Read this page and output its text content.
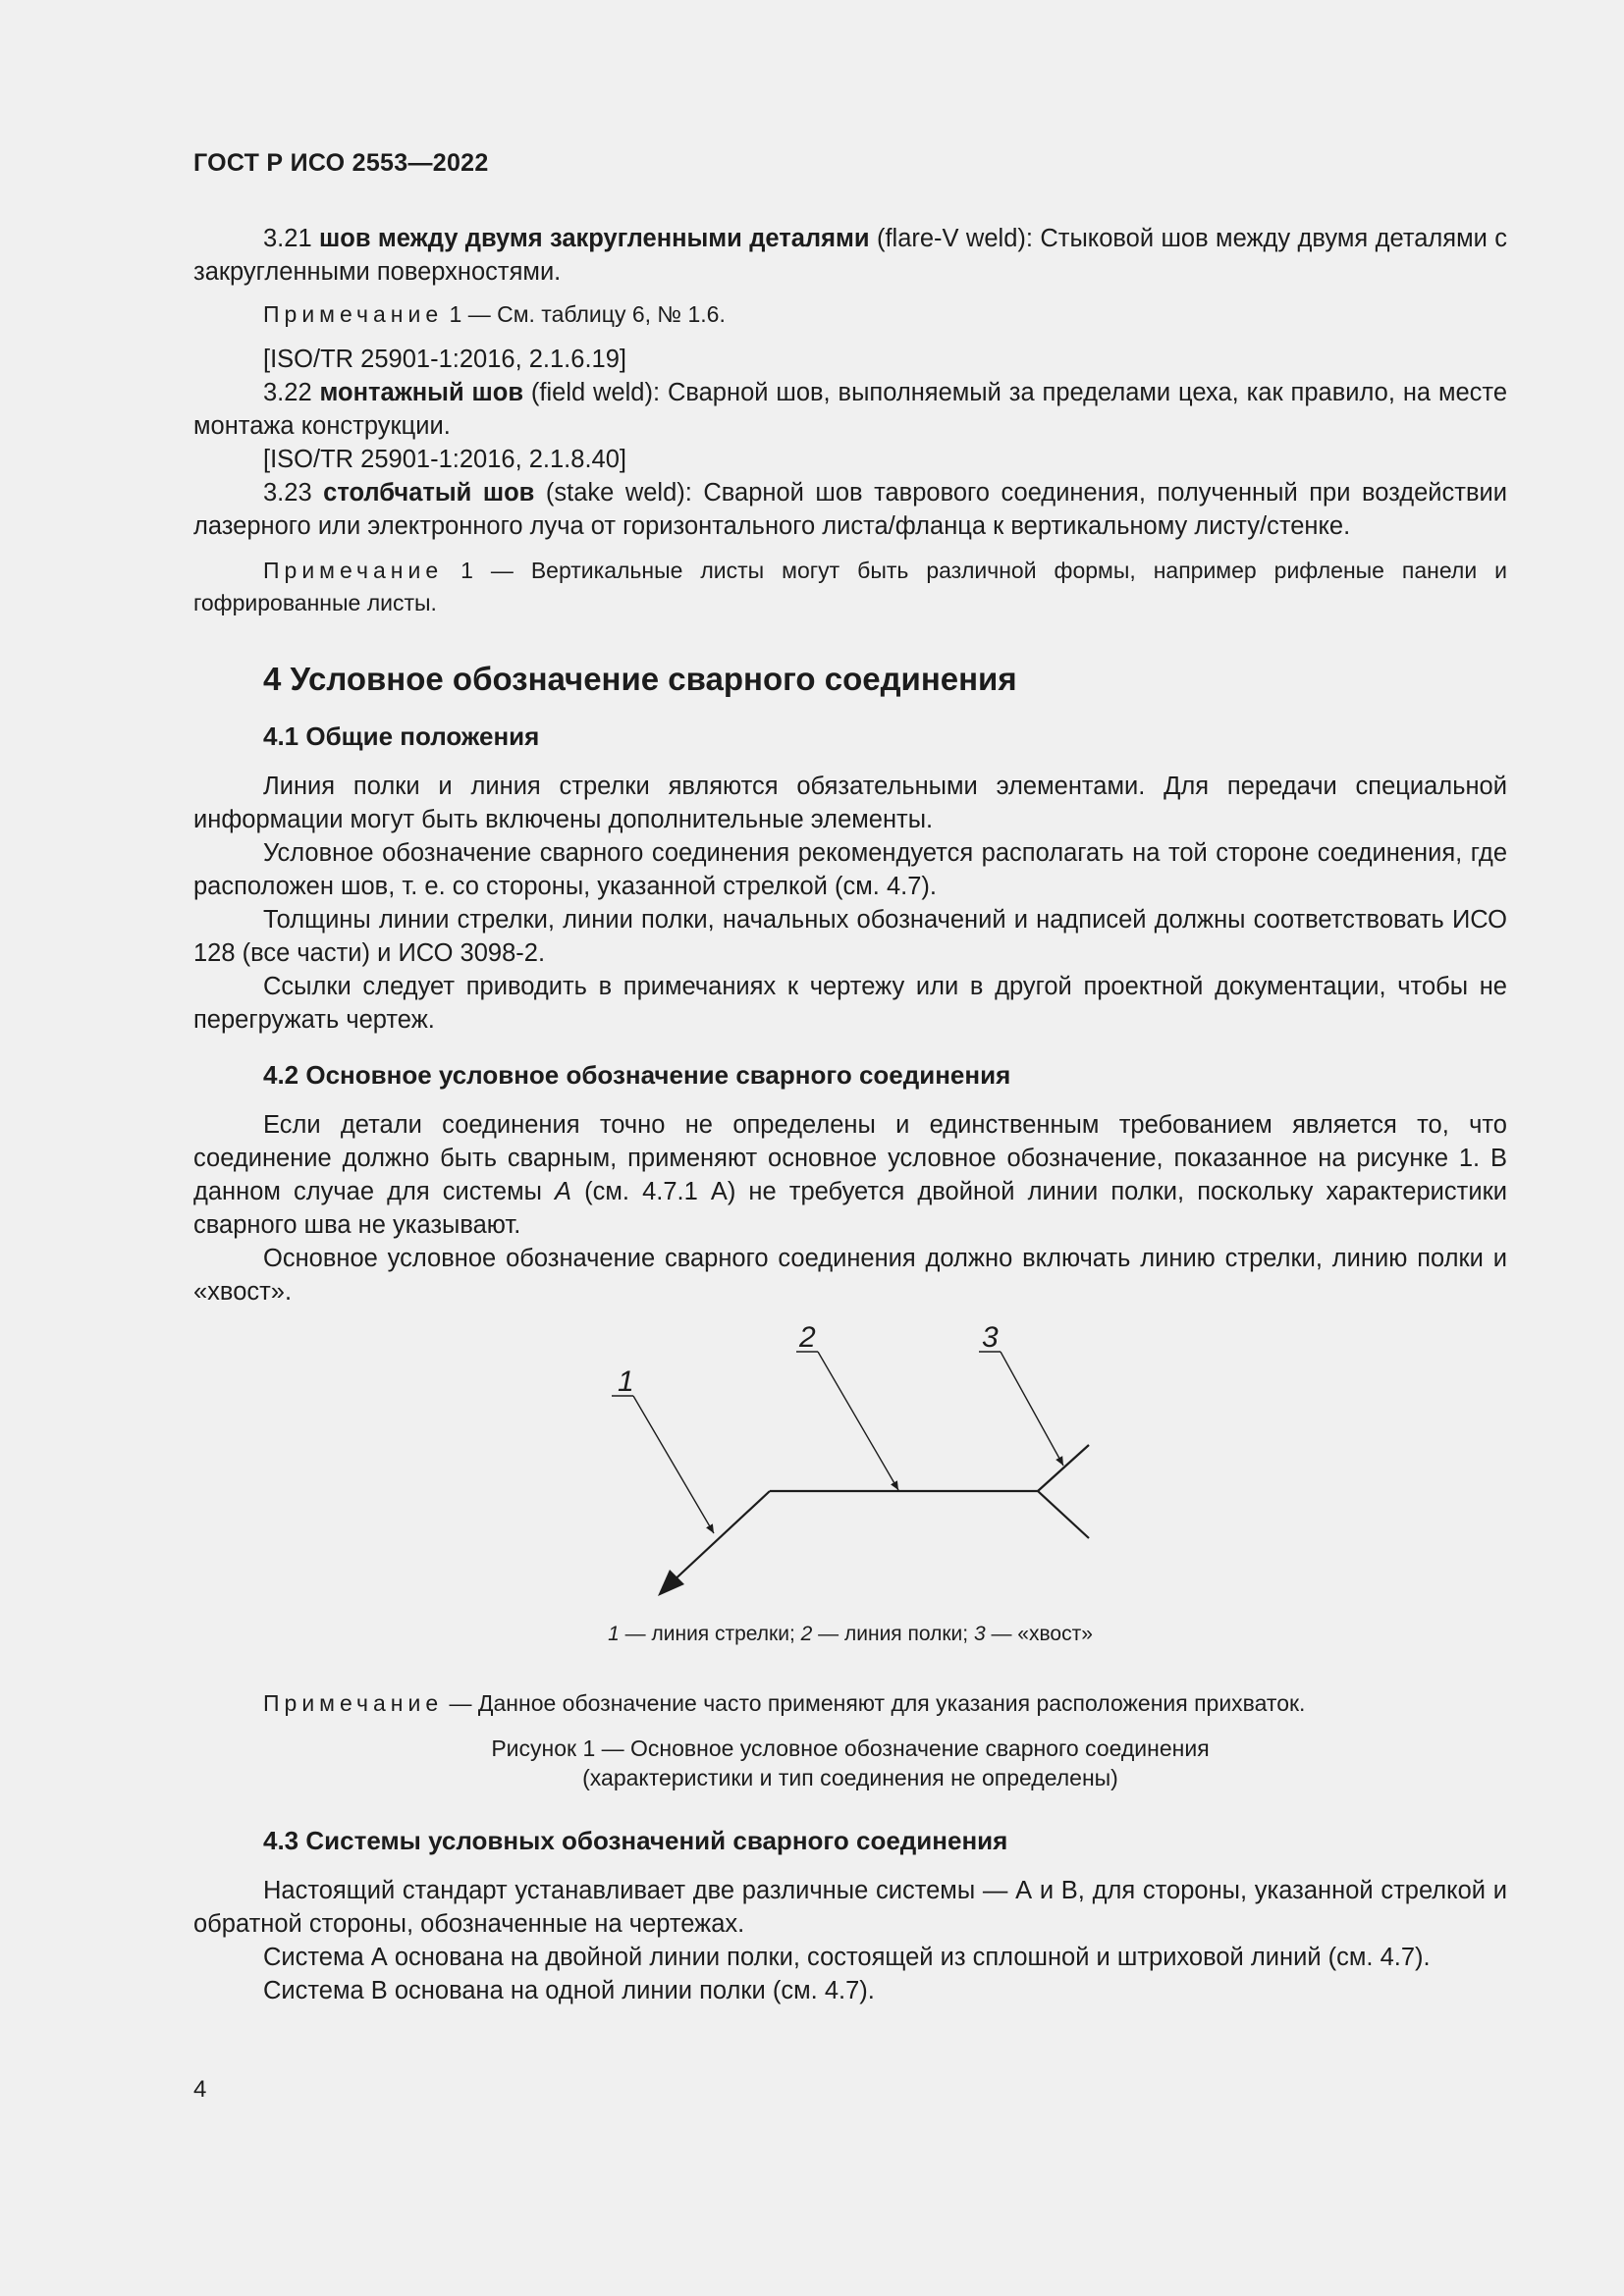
ГОСТ Р ИСО 2553—2022

3.21 шов между двумя закругленными деталями (flare-V weld): Стыковой шов между двумя деталями с закругленными поверхностями.

Примечание 1 — См. таблицу 6, № 1.6.

[ISO/TR 25901-1:2016, 2.1.6.19]

3.22 монтажный шов (field weld): Сварной шов, выполняемый за пределами цеха, как правило, на месте монтажа конструкции.

[ISO/TR 25901-1:2016, 2.1.8.40]

3.23 столбчатый шов (stake weld): Сварной шов таврового соединения, полученный при воздействии лазерного или электронного луча от горизонтального листа/фланца к вертикальному листу/стенке.

Примечание 1 — Вертикальные листы могут быть различной формы, например рифленые панели и гофрированные листы.

4 Условное обозначение сварного соединения
4.1 Общие положения

Линия полки и линия стрелки являются обязательными элементами. Для передачи специальной информации могут быть включены дополнительные элементы.

Условное обозначение сварного соединения рекомендуется располагать на той стороне соединения, где расположен шов, т. е. со стороны, указанной стрелкой (см. 4.7).

Толщины линии стрелки, линии полки, начальных обозначений и надписей должны соответствовать ИСО 128 (все части) и ИСО 3098-2.

Ссылки следует приводить в примечаниях к чертежу или в другой проектной документации, чтобы не перегружать чертеж.

4.2 Основное условное обозначение сварного соединения

Если детали соединения точно не определены и единственным требованием является то, что соединение должно быть сварным, применяют основное условное обозначение, показанное на рисунке 1. В данном случае для системы А (см. 4.7.1 А) не требуется двойной линии полки, поскольку характеристики сварного шва не указывают.

Основное условное обозначение сварного соединения должно включать линию стрелки, линию полки и «хвост».

1
2	3

1 — линия стрелки; 2 — линия полки; 3 — «хвост»

Примечание — Данное обозначение часто применяют для указания расположения прихваток.

Рисунок 1 — Основное условное обозначение сварного соединения

(характеристики и тип соединения не определены)

4.3 Системы условных обозначений сварного соединения

Настоящий стандарт устанавливает две различные системы — А и В, для стороны, указанной стрелкой и обратной стороны, обозначенные на чертежах.

Система А основана на двойной линии полки, состоящей из сплошной и штриховой линий (см. 4.7).

Система В основана на одной линии полки (см. 4.7).

4
